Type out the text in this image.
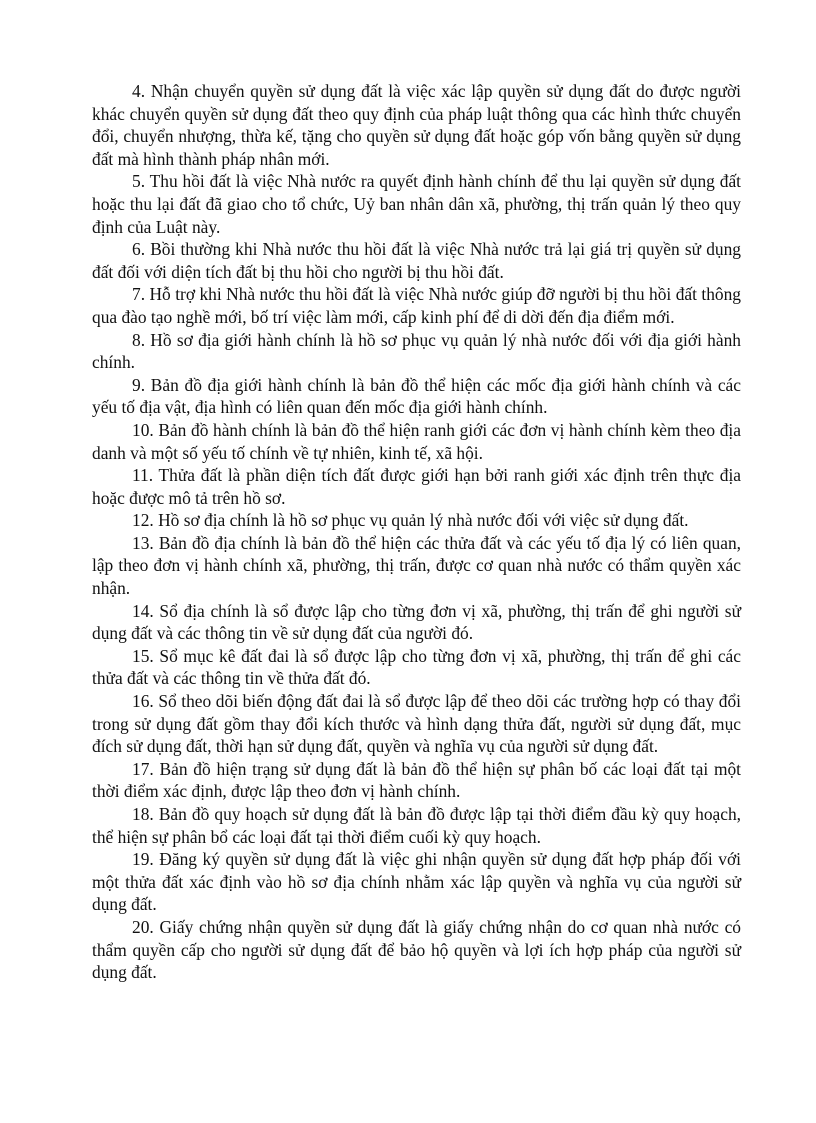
4. Nhận chuyển quyền sử dụng đất là việc xác lập quyền sử dụng đất do được người khác chuyển quyền sử dụng đất theo quy định của pháp luật thông qua các hình thức chuyển đổi, chuyển nhượng, thừa kế, tặng cho quyền sử dụng đất hoặc góp vốn bằng quyền sử dụng đất mà hình thành pháp nhân mới.

5. Thu hồi đất là việc Nhà nước ra quyết định hành chính để thu lại quyền sử dụng đất hoặc thu lại đất đã giao cho tổ chức, Uỷ ban nhân dân xã, phường, thị trấn quản lý theo quy định của Luật này.

6. Bồi thường khi Nhà nước thu hồi đất là việc Nhà nước trả lại giá trị quyền sử dụng đất đối với diện tích đất bị thu hồi cho người bị thu hồi đất.

7. Hỗ trợ khi Nhà nước thu hồi đất là việc Nhà nước giúp đỡ người bị thu hồi đất thông qua đào tạo nghề mới, bố trí việc làm mới, cấp kinh phí để di dời đến địa điểm mới.

8. Hồ sơ địa giới hành chính là hồ sơ phục vụ quản lý nhà nước đối với địa giới hành chính.

9. Bản đồ địa giới hành chính là bản đồ thể hiện các mốc địa giới hành chính và các yếu tố địa vật, địa hình có liên quan đến mốc địa giới hành chính.

10. Bản đồ hành chính là bản đồ thể hiện ranh giới các đơn vị hành chính kèm theo địa danh và một số yếu tố chính về tự nhiên, kinh tế, xã hội.

11. Thửa đất là phần diện tích đất được giới hạn bởi ranh giới xác định trên thực địa hoặc được mô tả trên hồ sơ.

12. Hồ sơ địa chính là hồ sơ phục vụ quản lý nhà nước đối với việc sử dụng đất.

13. Bản đồ địa chính là bản đồ thể hiện các thửa đất và các yếu tố địa lý có liên quan, lập theo đơn vị hành chính xã, phường, thị trấn, được cơ quan nhà nước có thẩm quyền xác nhận.

14. Sổ địa chính là sổ được lập cho từng đơn vị xã, phường, thị trấn để ghi người sử dụng đất và các thông tin về sử dụng đất của người đó.

15. Sổ mục kê đất đai là sổ được lập cho từng đơn vị xã, phường, thị trấn để ghi các thửa đất và các thông tin về thửa đất đó.

16. Sổ theo dõi biến động đất đai là sổ được lập để theo dõi các trường hợp có thay đổi trong sử dụng đất gồm thay đổi kích thước và hình dạng thửa đất, người sử dụng đất, mục đích sử dụng đất, thời hạn sử dụng đất, quyền và nghĩa vụ của người sử dụng đất.

17. Bản đồ hiện trạng sử dụng đất là bản đồ thể hiện sự phân bố các loại đất tại một thời điểm xác định, được lập theo đơn vị hành chính.

18. Bản đồ quy hoạch sử dụng đất là bản đồ được lập tại thời điểm đầu kỳ quy hoạch, thể hiện sự phân bổ các loại đất tại thời điểm cuối kỳ quy hoạch.

19. Đăng ký quyền sử dụng đất là việc ghi nhận quyền sử dụng đất hợp pháp đối với một thửa đất xác định vào hồ sơ địa chính nhằm xác lập quyền và nghĩa vụ của người sử dụng đất.

20. Giấy chứng nhận quyền sử dụng đất là giấy chứng nhận do cơ quan nhà nước có thẩm quyền cấp cho người sử dụng đất để bảo hộ quyền và lợi ích hợp pháp của người sử dụng đất.
